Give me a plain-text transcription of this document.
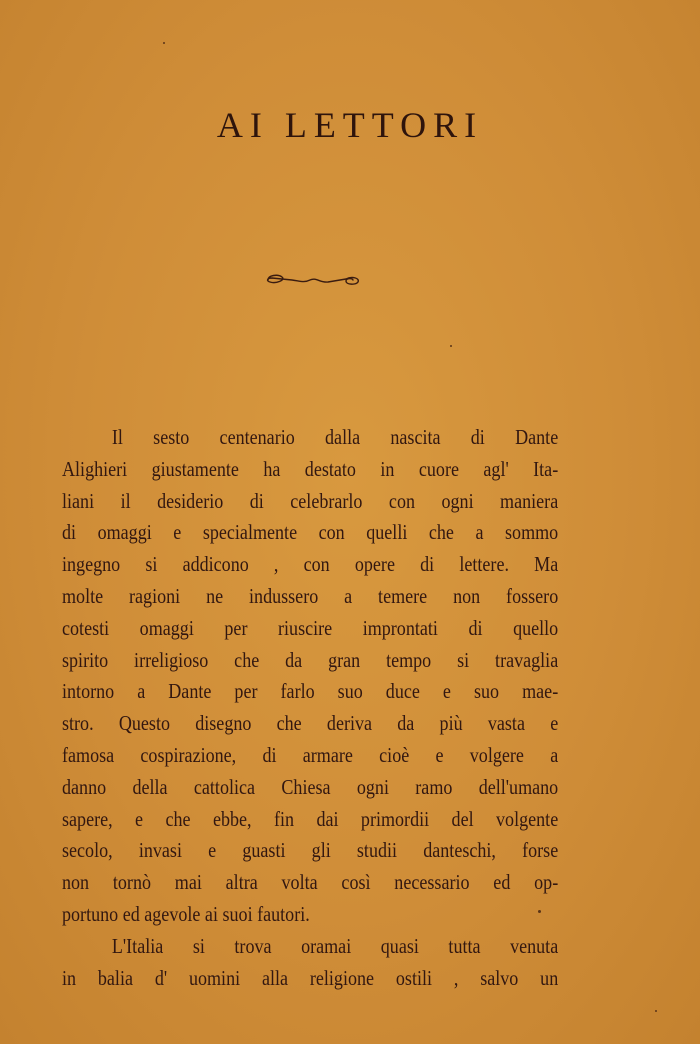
AI LETTORI
Il sesto centenario dalla nascita di Dante
Alighieri giustamente ha destato in cuore agl' Ita-
liani il desiderio di celebrarlo con ogni maniera
di omaggi e specialmente con quelli che a sommo
ingegno si addicono , con opere di lettere. Ma
molte ragioni ne indussero a temere non fossero
cotesti omaggi per riuscire improntati di quello
spirito irreligioso che da gran tempo si travaglia
intorno a Dante per farlo suo duce e suo mae-
stro. Questo disegno che deriva da più vasta e
famosa cospirazione, di armare cioè e volgere a
danno della cattolica Chiesa ogni ramo dell'umano
sapere, e che ebbe, fin dai primordii del volgente
secolo, invasi e guasti gli studii danteschi, forse
non tornò mai altra volta così necessario ed op-
portuno ed agevole ai suoi fautori.
L'Italia si trova oramai quasi tutta venuta
in balia d' uomini alla religione ostili , salvo un
